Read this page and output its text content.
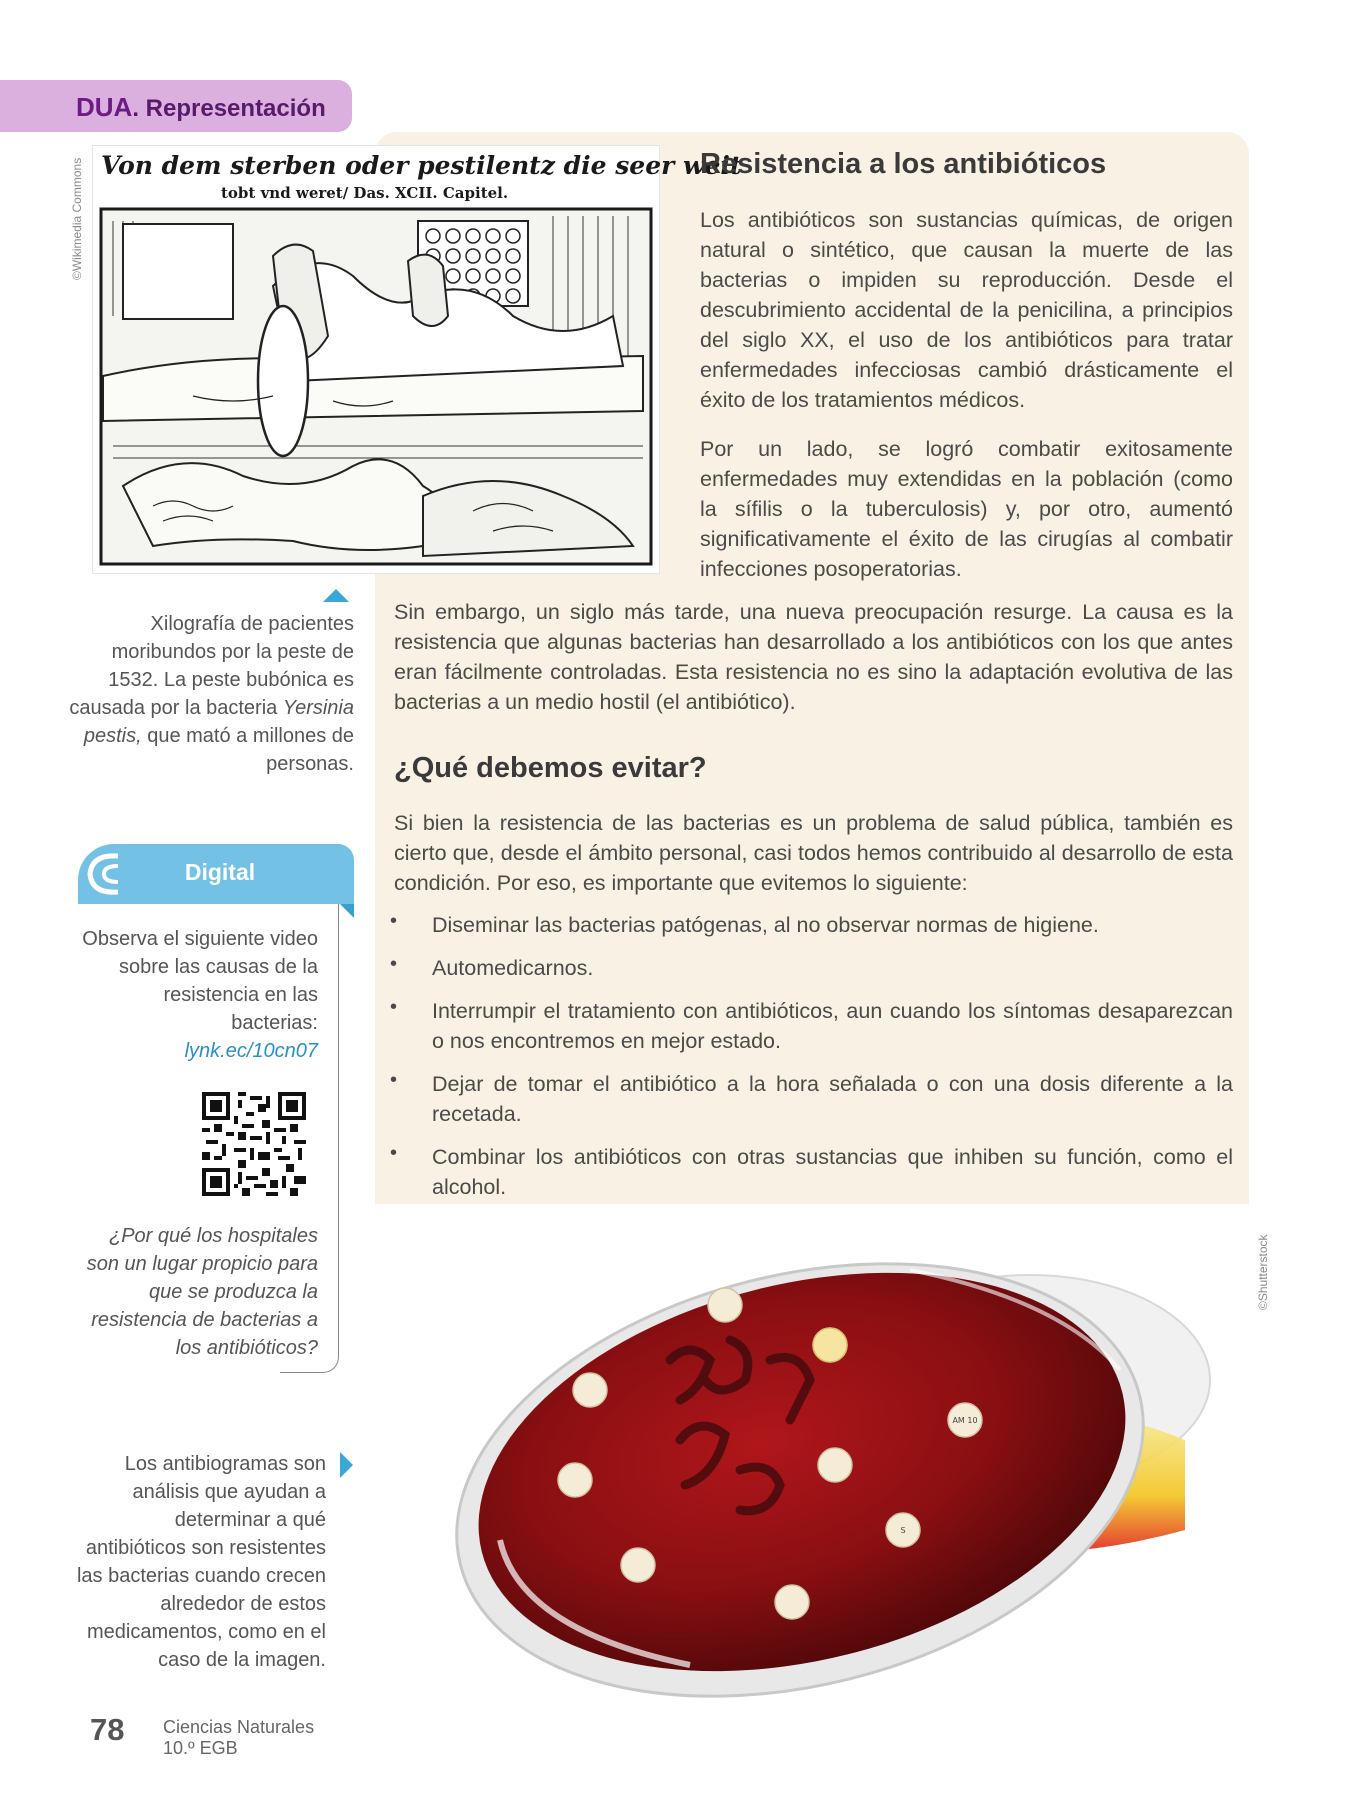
DUA. Representación
©Wikimedia Commons Von dem sterben oder pestilentz die seer weit
tobt vnd weret/ Das. XCII. Capitel.
Resistencia a los antibióticos
Los antibióticos son sustancias químicas, de origen natural o sintético, que causan la muerte de las bacterias o impiden su reproducción. Desde el descubrimiento accidental de la penicilina, a principios del siglo XX, el uso de los antibióticos para tratar enfermedades infecciosas cambió drásticamente el éxito de los tratamientos médicos.
Por un lado, se logró combatir exitosamente enfermedades muy extendidas en la población (como la sífilis o la tuberculosis) y, por otro, aumentó significativamente el éxito de las cirugías al combatir infecciones posoperatorias.
Sin embargo, un siglo más tarde, una nueva preocupación resurge. La causa es la resistencia que algunas bacterias han desarrollado a los antibióticos con los que antes eran fácilmente controladas. Esta resistencia no es sino la adaptación evolutiva de las bacterias a un medio hostil (el antibiótico).
¿Qué debemos evitar?
Si bien la resistencia de las bacterias es un problema de salud pública, también es cierto que, desde el ámbito personal, casi todos hemos contribuido al desarrollo de esta condición. Por eso, es importante que evitemos lo siguiente:
• Diseminar las bacterias patógenas, al no observar normas de higiene.
• Automedicarnos.
• Interrumpir el tratamiento con antibióticos, aun cuando los síntomas desaparezcan o nos encontremos en mejor estado.
• Dejar de tomar el antibiótico a la hora señalada o con una dosis diferente a la recetada.
• Combinar los antibióticos con otras sustancias que inhiben su función, como el alcohol.
Xilografía de pacientes moribundos por la peste de 1532. La peste bubónica es causada por la bacteria Yersinia pestis, que mató a millones de personas.
Digital
Observa el siguiente video sobre las causas de la resistencia en las bacterias:
lynk.ec/10cn07
¿Por qué los hospitales son un lugar propicio para que se produzca la resistencia de bacterias a los antibióticos?
Los antibiogramas son análisis que ayudan a determinar a qué antibióticos son resistentes las bacterias cuando crecen alrededor de estos medicamentos, como en el caso de la imagen.
©Shutterstock
AM 10
S
78 Ciencias Naturales
10.º EGB
